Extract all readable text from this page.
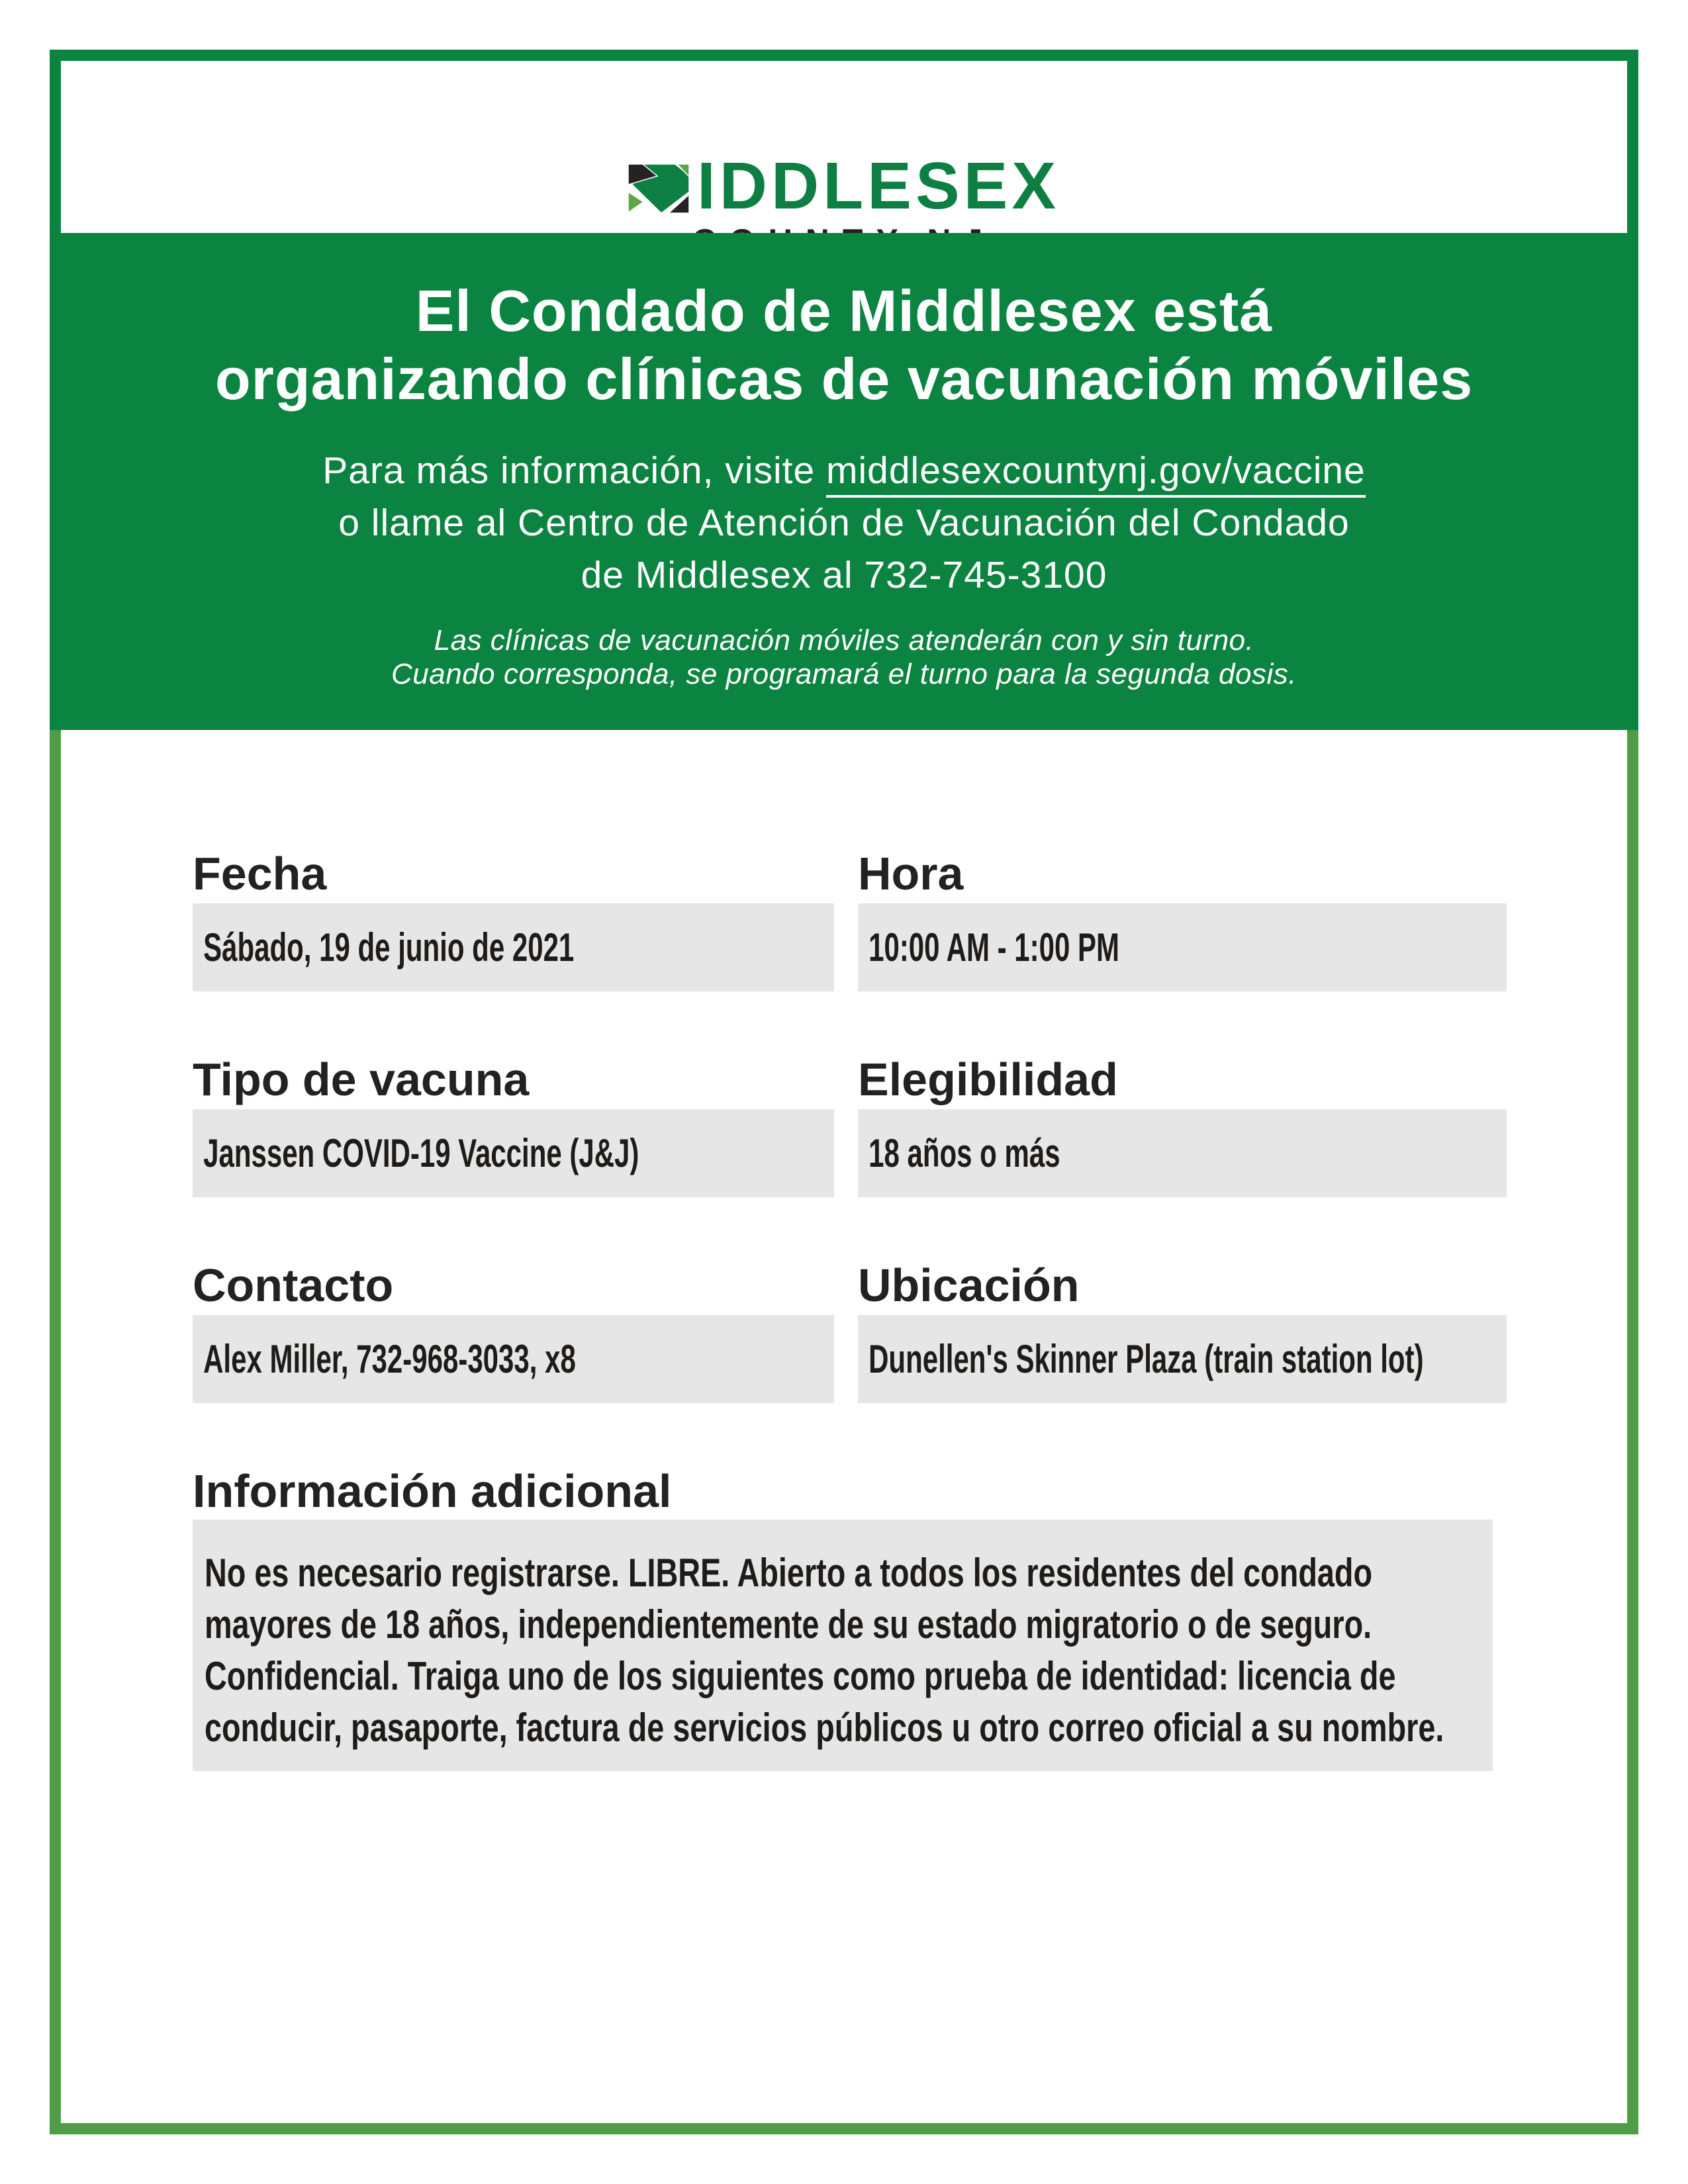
IDDLESEX
El Condado de Middlesex está
organizando clínicas de vacunación móviles
Para más información, visite middlesexcountynj.gov/vaccine
o llame al Centro de Atención de Vacunación del Condado
de Middlesex al 732-745-3100
Las clínicas de vacunación móviles atenderán con y sin turno.
Cuando corresponda, se programará el turno para la segunda dosis.
Fecha	Hora
Sábado, 19 de junio de 2021	10:00 AM - 1:00 PM
Tipo de vacuna	Elegibilidad
Janssen COVID-19 Vaccine (J&J)	18 años o más
Contacto	Ubicación
Alex Miller, 732-968-3033, x8	Dunellen's Skinner Plaza (train station lot)
Información adicional
No es necesario registrarse. LIBRE. Abierto a todos los residentes del condado
mayores de 18 años, independientemente de su estado migratorio o de seguro.
Confidencial. Traiga uno de los siguientes como prueba de identidad: licencia de
conducir, pasaporte, factura de servicios públicos u otro correo oficial a su nombre.
